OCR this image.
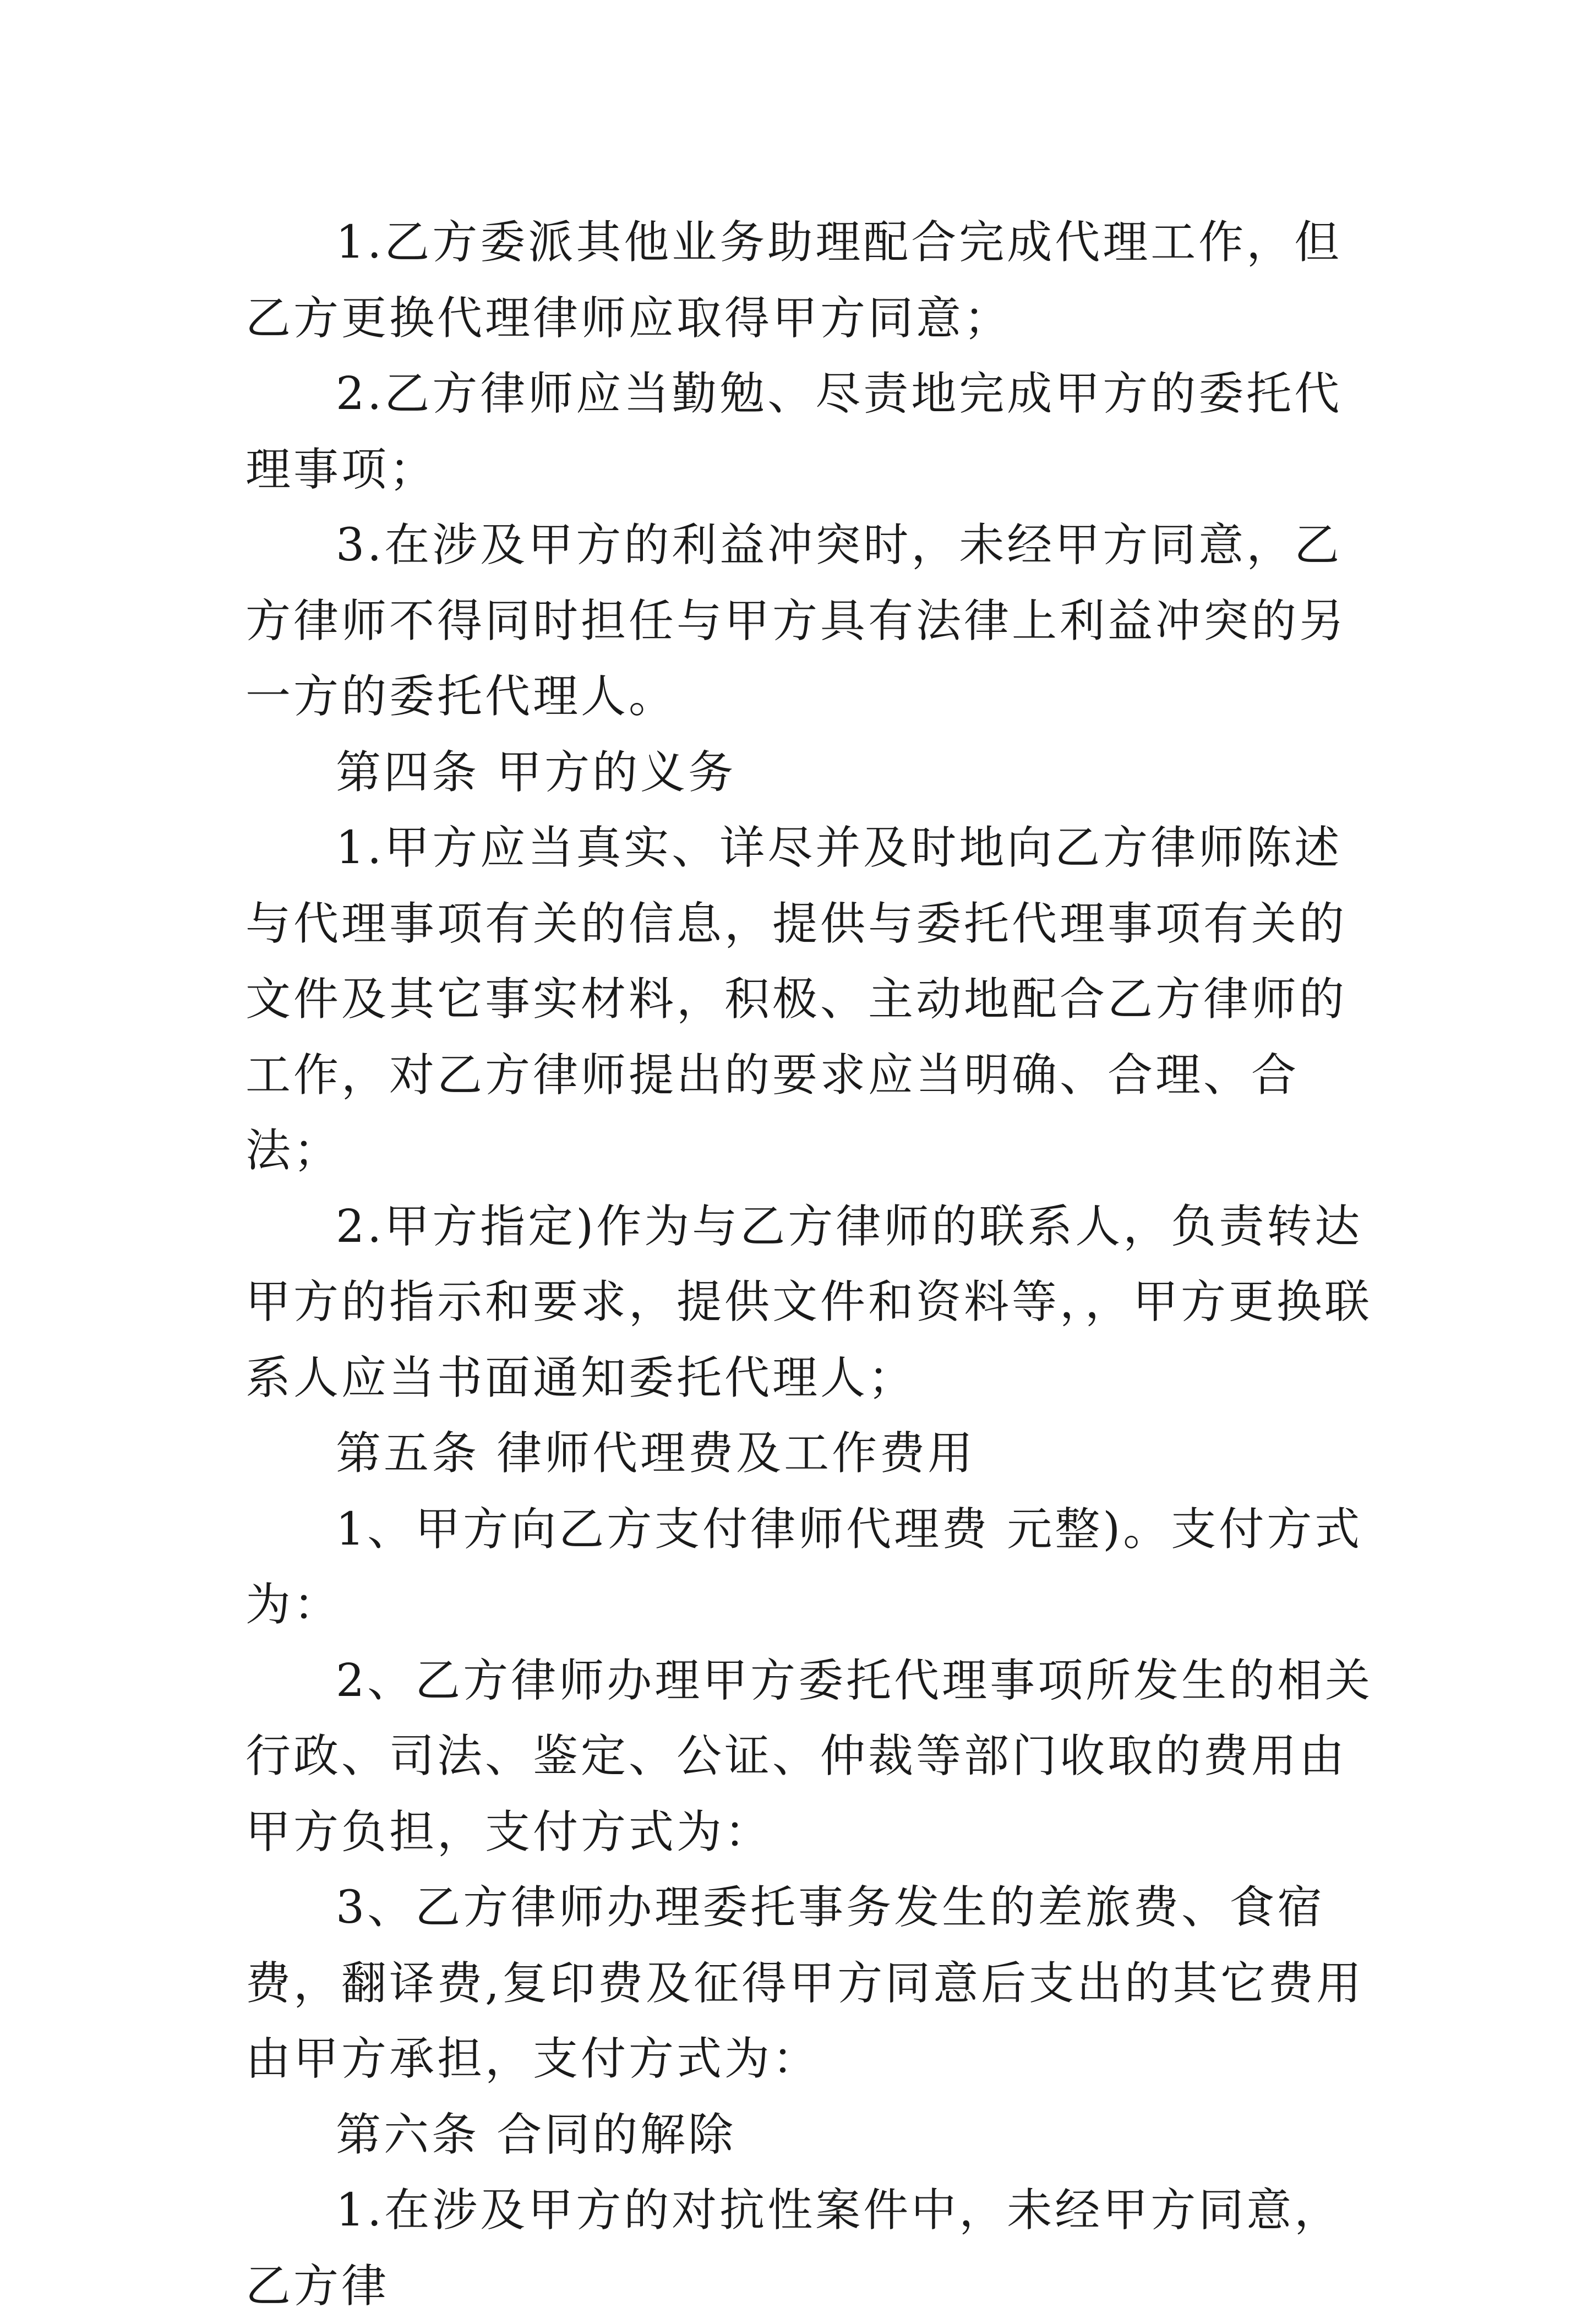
1.乙方委派其他业务助理配合完成代理工作，但乙方更换代理律师应取得甲方同意；

2.乙方律师应当勤勉、尽责地完成甲方的委托代理事项；

3.在涉及甲方的利益冲突时，未经甲方同意，乙方律师不得同时担任与甲方具有法律上利益冲突的另一方的委托代理人。

第四条 甲方的义务

1.甲方应当真实、详尽并及时地向乙方律师陈述与代理事项有关的信息，提供与委托代理事项有关的文件及其它事实材料，积极、主动地配合乙方律师的工作，对乙方律师提出的要求应当明确、合理、合法；

2.甲方指定)作为与乙方律师的联系人，负责转达甲方的指示和要求，提供文件和资料等，，甲方更换联系人应当书面通知委托代理人；

第五条 律师代理费及工作费用

1、甲方向乙方支付律师代理费 元整)。支付方式为：

2、乙方律师办理甲方委托代理事项所发生的相关行政、司法、鉴定、公证、仲裁等部门收取的费用由甲方负担，支付方式为：

3、乙方律师办理委托事务发生的差旅费、食宿费，翻译费,复印费及征得甲方同意后支出的其它费用由甲方承担，支付方式为：

第六条 合同的解除

1.在涉及甲方的对抗性案件中，未经甲方同意，乙方律
